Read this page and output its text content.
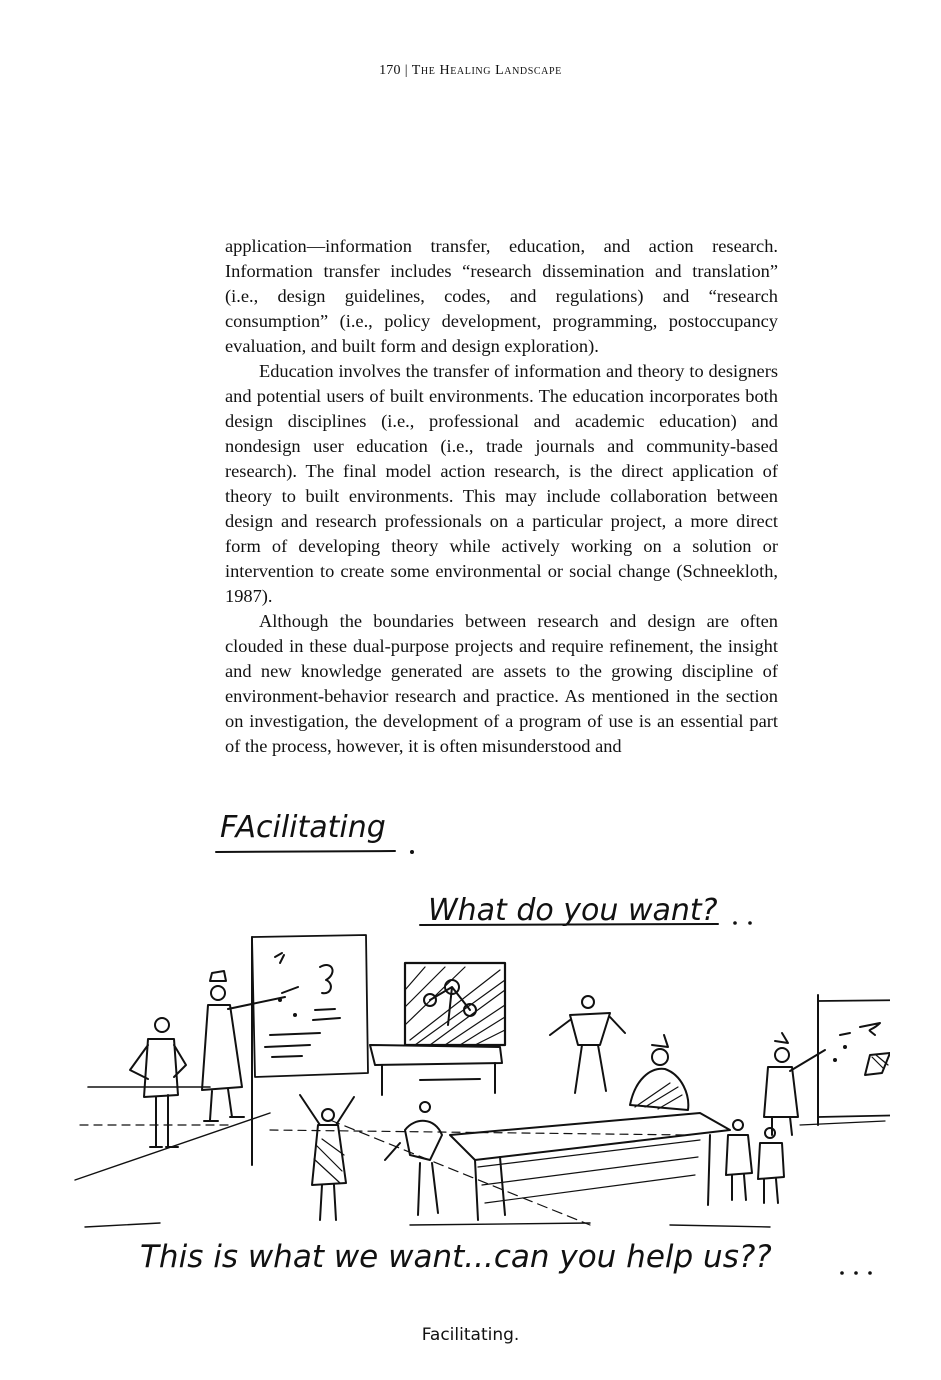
170 | The Healing Landscape

application—information transfer, education, and action research. Information transfer includes “research dissemination and translation” (i.e., design guidelines, codes, and regulations) and “research consumption” (i.e., policy development, programming, postoccupancy evaluation, and built form and design exploration).

Education involves the transfer of information and theory to designers and potential users of built environments. The education incorporates both design disciplines (i.e., professional and academic education) and nondesign user education (i.e., trade journals and community-based research). The final model action research, is the direct application of theory to built environments. This may include collaboration between design and research professionals on a particular project, a more direct form of developing theory while actively working on a solution or intervention to create some environmental or social change (Schneekloth, 1987).

Although the boundaries between research and design are often clouded in these dual-purpose projects and require refinement, the insight and new knowledge generated are assets to the growing discipline of environment-behavior research and practice. As mentioned in the section on investigation, the development of a program of use is an essential part of the process, however, it is often misunderstood and

FAcilitating
What do you want?
This is what we want...can you help us??
Facilitating.
